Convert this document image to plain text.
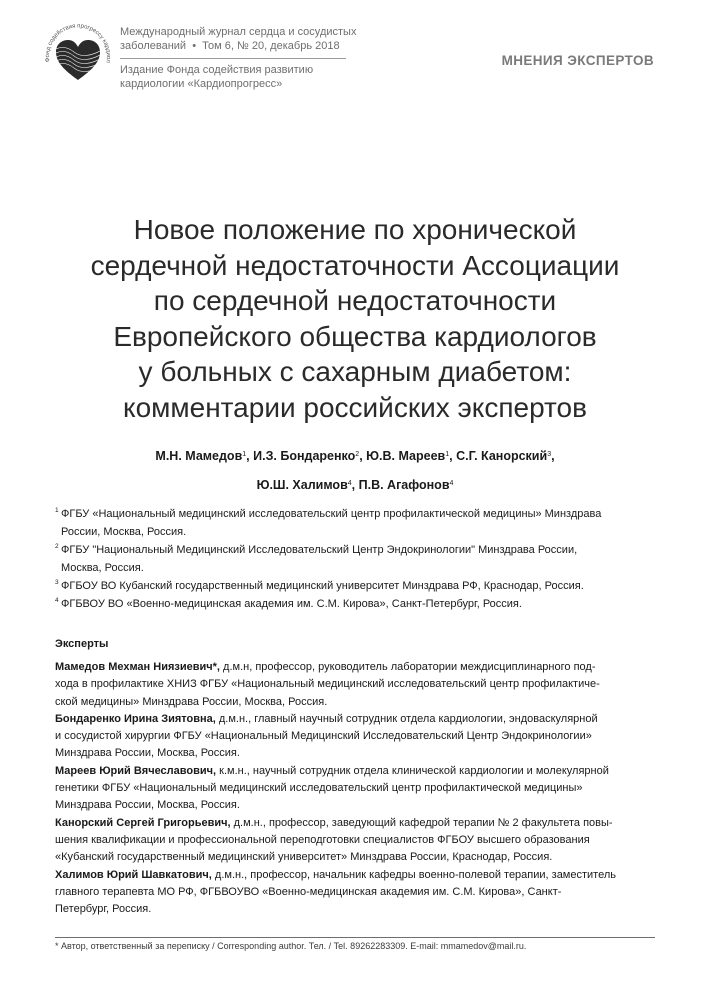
Фонд содействия прогрессу кардиол
Международный журнал сердца и сосудистых
заболеваний  •  Том 6, № 20, декабрь 2018
Издание Фонда содействия развитию
кардиологии «Кардиопрогресс»
МНЕНИЯ ЭКСПЕРТОВ
Новое положение по хронической
сердечной недостаточности Ассоциации
по сердечной недостаточности
Европейского общества кардиологов
у больных с сахарным диабетом:
комментарии российских экспертов
М.Н. Мамедов$^1$, И.З. Бондаренко$^2$, Ю.В. Мареев$^1$, С.Г. Канорский$^3$,
Ю.Ш. Халимов$^4$, П.В. Агафонов$^4$
1 ФГБУ «Национальный медицинский исследовательский центр профилактической медицины» Минздрава
России, Москва, Россия.
2 ФГБУ "Национальный Медицинский Исследовательский Центр Эндокринологии" Минздрава России,
Москва, Россия.
3 ФГБОУ ВО Кубанский государственный медицинский университет Минздрава РФ, Краснодар, Россия.
4 ФГБВОУ ВО «Военно-медицинская академия им. С.М. Кирова», Санкт-Петербург, Россия.
Эксперты
Мамедов Мехман Ниязиевич*, д.м.н, профессор, руководитель лаборатории междисциплинарного под-
хода в профилактике ХНИЗ ФГБУ «Национальный медицинский исследовательский центр профилактиче-
ской медицины» Минздрава России, Москва, Россия.
Бондаренко Ирина Зиятовна, д.м.н., главный научный сотрудник отдела кардиологии, эндоваскулярной
и сосудистой хирургии ФГБУ «Национальный Медицинский Исследовательский Центр Эндокринологии»
Минздрава России, Москва, Россия.
Мареев Юрий Вячеславович, к.м.н., научный сотрудник отдела клинической кардиологии и молекулярной
генетики ФГБУ «Национальный медицинский исследовательский центр профилактической медицины»
Минздрава России, Москва, Россия.
Канорский Сергей Григорьевич, д.м.н., профессор, заведующий кафедрой терапии № 2 факультета повы-
шения квалификации и профессиональной переподготовки специалистов ФГБОУ высшего образования
«Кубанский государственный медицинский университет» Минздрава России, Краснодар, Россия.
Халимов Юрий Шавкатович, д.м.н., профессор, начальник кафедры военно-полевой терапии, заместитель
главного терапевта МО РФ, ФГБВОУВО «Военно-медицинская академия им. С.М. Кирова», Санкт-
Петербург, Россия.
* Автор, ответственный за переписку / Corresponding author. Тел. / Tel. 89262283309. E-mail: mmamedov@mail.ru.
